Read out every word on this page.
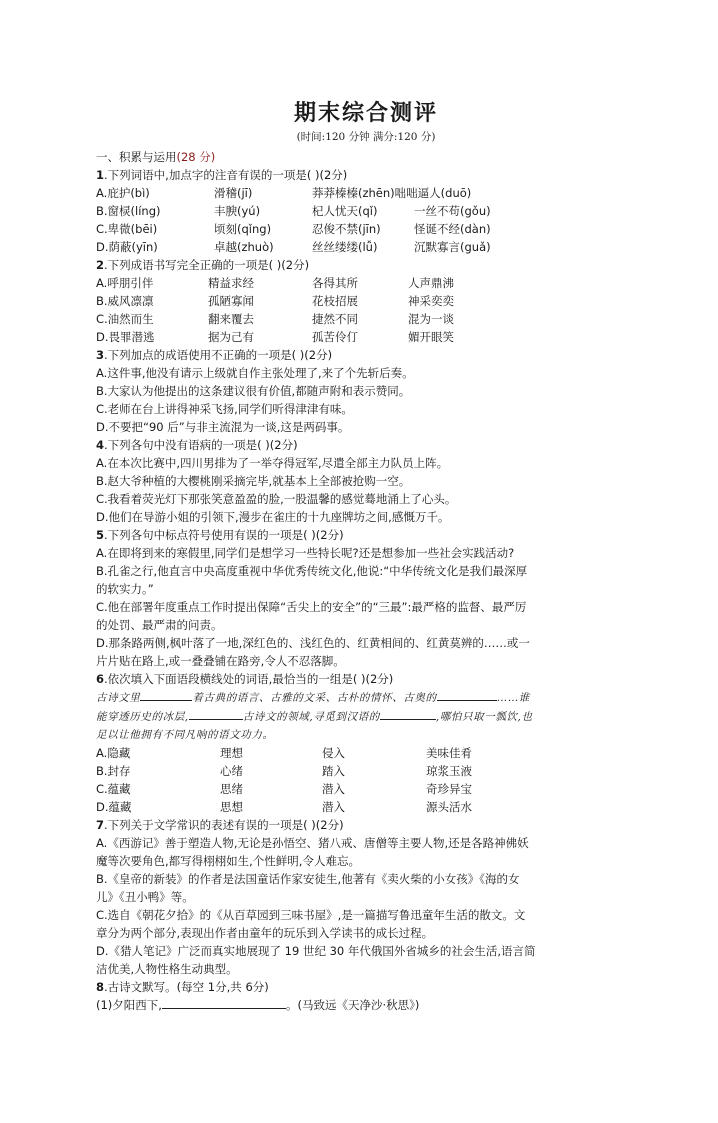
期末综合测评
(时间:120 分钟 满分:120 分)
一、积累与运用(28 分)
1.下列词语中,加点字的注音有误的一项是( )(2分)
A.庇护(bì)	滑稽(jī)	莽莽榛榛(zhēn)咄咄逼人(duō)
B.窗棂(líng)	丰腴(yú)	杞人忧天(qǐ)	一丝不苟(gǒu)
C.卑微(bēi)	顷刻(qǐng)	忍俊不禁(jīn)	怪诞不经(dàn)
D.荫蔽(yīn)	卓越(zhuò)	丝丝缕缕(lǚ)	沉默寡言(guǎ)
2.下列成语书写完全正确的一项是( )(2分)
A.呼朋引伴	精益求经	各得其所	人声鼎沸
B.威风凛凛	孤陋寡闻	花枝招展	神采奕奕
C.油然而生	翻来覆去	捷然不同	混为一谈
D.畏罪潜逃	据为己有	孤苦伶仃	媚开眼笑
3.下列加点的成语使用不正确的一项是( )(2分)
A.这件事,他没有请示上级就自作主张处理了,来了个先斩后奏。
B.大家认为他提出的这条建议很有价值,都随声附和表示赞同。
C.老师在台上讲得神采飞扬,同学们听得津津有味。
D.不要把“90 后”与非主流混为一谈,这是两码事。
4.下列各句中没有语病的一项是( )(2分)
A.在本次比赛中,四川男排为了一举夺得冠军,尽遣全部主力队员上阵。
B.赵大爷种植的大樱桃刚采摘完毕,就基本上全部被抢购一空。
C.我看着荧光灯下那张笑意盈盈的脸,一股温馨的感觉蓦地涌上了心头。
D.他们在导游小姐的引领下,漫步在雀庄的十九座牌坊之间,感慨万千。
5.下列各句中标点符号使用有误的一项是( )(2分)
A.在即将到来的寒假里,同学们是想学习一些特长呢?还是想参加一些社会实践活动?
B.孔雀之行,他直言中央高度重视中华优秀传统文化,他说:“中华传统文化是我们最深厚
的软实力。”
C.他在部署年度重点工作时提出保障“舌尖上的安全”的“三最”:最严格的监督、最严厉
的处罚、最严肃的问责。
D.那条路两侧,枫叶落了一地,深红色的、浅红色的、红黄相间的、红黄莫辨的……或一
片片贴在路上,或一叠叠铺在路旁,令人不忍落脚。
6.依次填入下面语段横线处的词语,最恰当的一组是( )(2分)
古诗文里	着古典的语言、古雅的文采、古朴的情怀、古奥的	……谁
能穿透历史的冰层,	古诗文的领域,寻觅到汉语的	,哪怕只取一瓢饮,也
足以让他拥有不同凡响的语文功力。
A.隐藏	理想	侵入	美味佳肴
B.封存	心绪	踏入	琼浆玉液
C.蕴藏	思绪	潜入	奇珍异宝
D.蕴藏	思想	潜入	源头活水
7.下列关于文学常识的表述有误的一项是( )(2分)
A.《西游记》善于塑造人物,无论是孙悟空、猪八戒、唐僧等主要人物,还是各路神佛妖
魔等次要角色,都写得栩栩如生,个性鲜明,令人难忘。
B.《皇帝的新装》的作者是法国童话作家安徒生,他著有《卖火柴的小女孩》《海的女
儿》《丑小鸭》等。
C.选自《朝花夕拾》的《从百草园到三味书屋》,是一篇描写鲁迅童年生活的散文。文
章分为两个部分,表现出作者由童年的玩乐到入学读书的成长过程。
D.《猎人笔记》广泛而真实地展现了 19 世纪 30 年代俄国外省城乡的社会生活,语言简
洁优美,人物性格生动典型。
8.古诗文默写。(每空 1分,共 6分)
(1)夕阳西下,	。(马致远《天净沙·秋思》)
